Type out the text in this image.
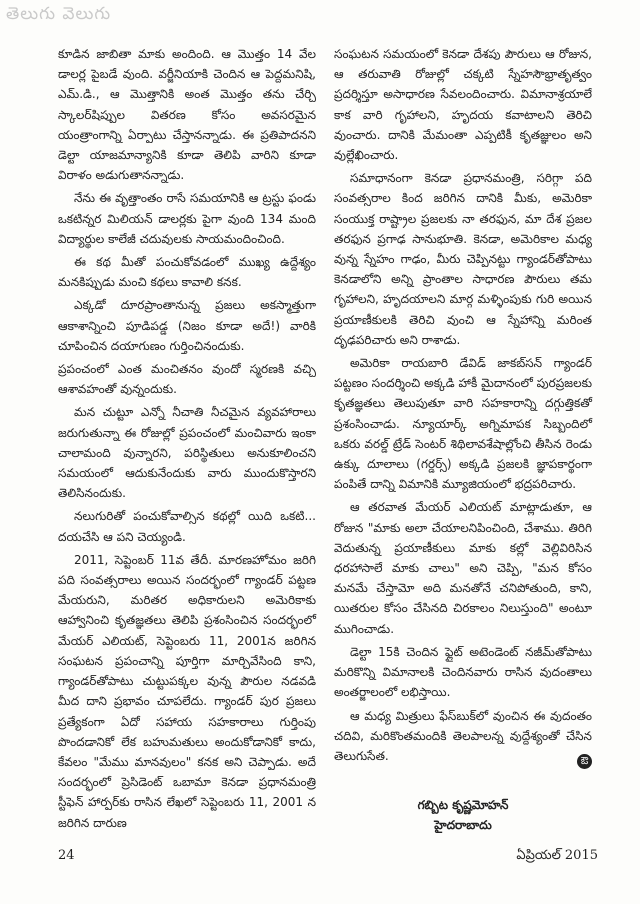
తెలుగు వెలుగు

కూడిన జాబితా మాకు అందింది. ఆ మొత్తం 14 వేల డాలర్ల పైబడే వుంది. వర్జీనియాకి చెందిన ఆ పెద్దమనిషి, ఎమ్.డి., ఆ మొత్తానికి అంత మొత్తం తను చేర్చి స్కాలర్‌షిప్పుల వితరణ కోసం అవసరమైన యంత్రాంగాన్ని ఏర్పాటు చేస్తానన్నాడు. ఈ ప్రతిపాదనని డెల్టా యాజమాన్యానికి కూడా తెలిపి వారిని కూడా విరాళం అడుగుతానన్నాడు.

నేను ఈ వృత్తాంతం రాసే సమయానికి ఆ ట్రస్టు ఫండు ఒకటిన్నర మిలియన్ డాలర్లకు పైగా వుంది 134 మంది విద్యార్థుల కాలేజీ చదువులకు సాయమందించింది.

ఈ కథ మీతో పంచుకోవడంలో ముఖ్య ఉద్దేశ్యం మనకిప్పుడు మంచి కథలు కావాలి కనక.

ఎక్కడో దూరప్రాంతానున్న ప్రజలు అకస్మాత్తుగా ఆకాశాన్నించి పూడిపడ్డ (నిజం కూడా అదే!) వారికి చూపించిన దయాగుణం గుర్తించినందుకు.

ప్రపంచంలో ఎంత మంచితనం వుందో స్మరణకి వచ్చి ఆశావహంతో వున్నందుకు.

మన చుట్టూ ఎన్నో నీచాతి నీచమైన వ్యవహారాలు జరుగుతున్నా ఈ రోజుల్లో ప్రపంచంలో మంచివారు ఇంకా చాలామంది వున్నారని, పరిస్థితులు అనుకూలించని సమయంలో ఆదుకునేందుకు వారు ముందుకొస్తారని తెలిసినందుకు.

నలుగురితో పంచుకోవాల్సిన కథల్లో యిది ఒకటి... దయచేసి ఆ పని చెయ్యండి.

2011, సెప్టెంబర్ 11వ తేదీ. మారణహోమం జరిగి పది సంవత్సరాలు అయిన సందర్భంలో గ్యాండర్ పట్టణ మేయరుని, మరితర అధికారులని అమెరికాకు ఆహ్వానించి కృతజ్ఞతలు తెలిపి ప్రశంసించిన సందర్భంలో మేయర్ ఎలియట్, సెప్టెంబరు 11, 2001న జరిగిన సంఘటన ప్రపంచాన్ని పూర్తిగా మార్చివేసింది కాని, గ్యాండర్‌తోపాటు చుట్టుపక్కల వున్న పౌరుల నడవడి మీద దాని ప్రభావం చూపలేదు. గ్యాండర్ పుర ప్రజలు ప్రత్యేకంగా ఏదో సహాయ సహకారాలు గుర్తింపు పొందడానికో లేక బహుమతులు అందుకోడానికో కాదు, కేవలం "మేము మానవులం" కనక అని చెప్పాడు. అదే సందర్భంలో ప్రెసిడెంట్ ఒబామా కెనడా ప్రధానమంత్రి స్టీఫెన్ హార్పర్‌కు రాసిన లేఖలో సెప్టెంబరు 11, 2001 న జరిగిన దారుణ

సంఘటన సమయంలో కెనడా దేశపు పౌరులు ఆ రోజున, ఆ తరువాతి రోజుల్లో చక్కటి స్నేహసౌభ్రాతృత్వం ప్రదర్శిస్తూ అసాధారణ సేవలందించారు. విమానాశ్రయాలే కాక వారి గృహాలని, హృదయ కవాటాలని తెరిచి వుంచారు. దానికి మేమంతా ఎప్పటికీ కృతజ్ఞులం అని వుల్లేఖించారు.

సమాధానంగా కెనడా ప్రధానమంత్రి, సరిగ్గా పది సంవత్సరాల కింద జరిగిన దానికి మీకు, అమెరికా సంయుక్త రాష్ట్రాల ప్రజలకు నా తరఫున, మా దేశ ప్రజల తరఫున ప్రగాఢ సానుభూతి. కెనడా, అమెరికాల మధ్య వున్న స్నేహం గాఢం, మీరు చెప్పినట్టు గ్యాండర్‌తోపాటు కెనడాలోని అన్ని ప్రాంతాల సాధారణ పౌరులు తమ గృహాలని, హృదయాలని మార్గ మళ్ళింపుకు గురి అయిన ప్రయాణీకులకి తెరిచి వుంచి ఆ స్నేహాన్ని మరింత దృఢపరిచారు అని రాశాడు.

అమెరికా రాయబారి డేవిడ్ జాకబ్‌సన్ గ్యాండర్ పట్టణం సందర్శించి అక్కడి హాకీ మైదానంలో పురప్రజలకు కృతజ్ఞతలు తెలుపుతూ వారి సహకారాన్ని దగ్గుత్తికతో ప్రశంసించాడు. న్యూయార్క్ అగ్నిమాపక సిబ్బందిలో ఒకరు వరల్డ్ ట్రేడ్ సెంటర్ శిథిలావశేషాల్లోంచి తీసిన రెండు ఉక్కు దూలాలు (గర్డర్స్) అక్కడి ప్రజలకి జ్ఞాపకార్థంగా పంపితే దాన్ని విమానికి మ్యూజియంలో భద్రపరిచారు.

ఆ తరవాత మేయర్ ఎలియట్ మాట్లాడుతూ, ఆ రోజున "మాకు అలా చేయాలనిపించింది, చేశాము. తిరిగి వెదుతున్న ప్రయాణీకులు మాకు కల్లో వెల్లివిరిసిన ధరహాసాలే మాకు చాలు" అని చెప్పి, "మన కోసం మనమే చేస్తామో అది మనతోనే చనిపోతుంది, కాని, యితరుల కోసం చేసినది చిరకాలం నిలుస్తుంది" అంటూ ముగించాడు.

డెల్టా 15కి చెందిన ఫ్లైట్ అటెండెంట్ నజీమ్‌తోపాటు మరికొన్ని విమానాలకి చెందినవారు రాసిన వుదంతాలు అంతర్జాలంలో లభిస్తాయి.

ఆ మధ్య మిత్రులు ఫేస్‌బుక్‌లో వుంచిన ఈ వుదంతం చదివి, మరికొంతమందికి తెలపాలన్న వుద్దేశ్యంతో చేసిన తెలుగుసేత.	ఔ
గబ్బిట కృష్ణమోహన్
హైదరాబాదు
24	ఏప్రియల్ 2015
